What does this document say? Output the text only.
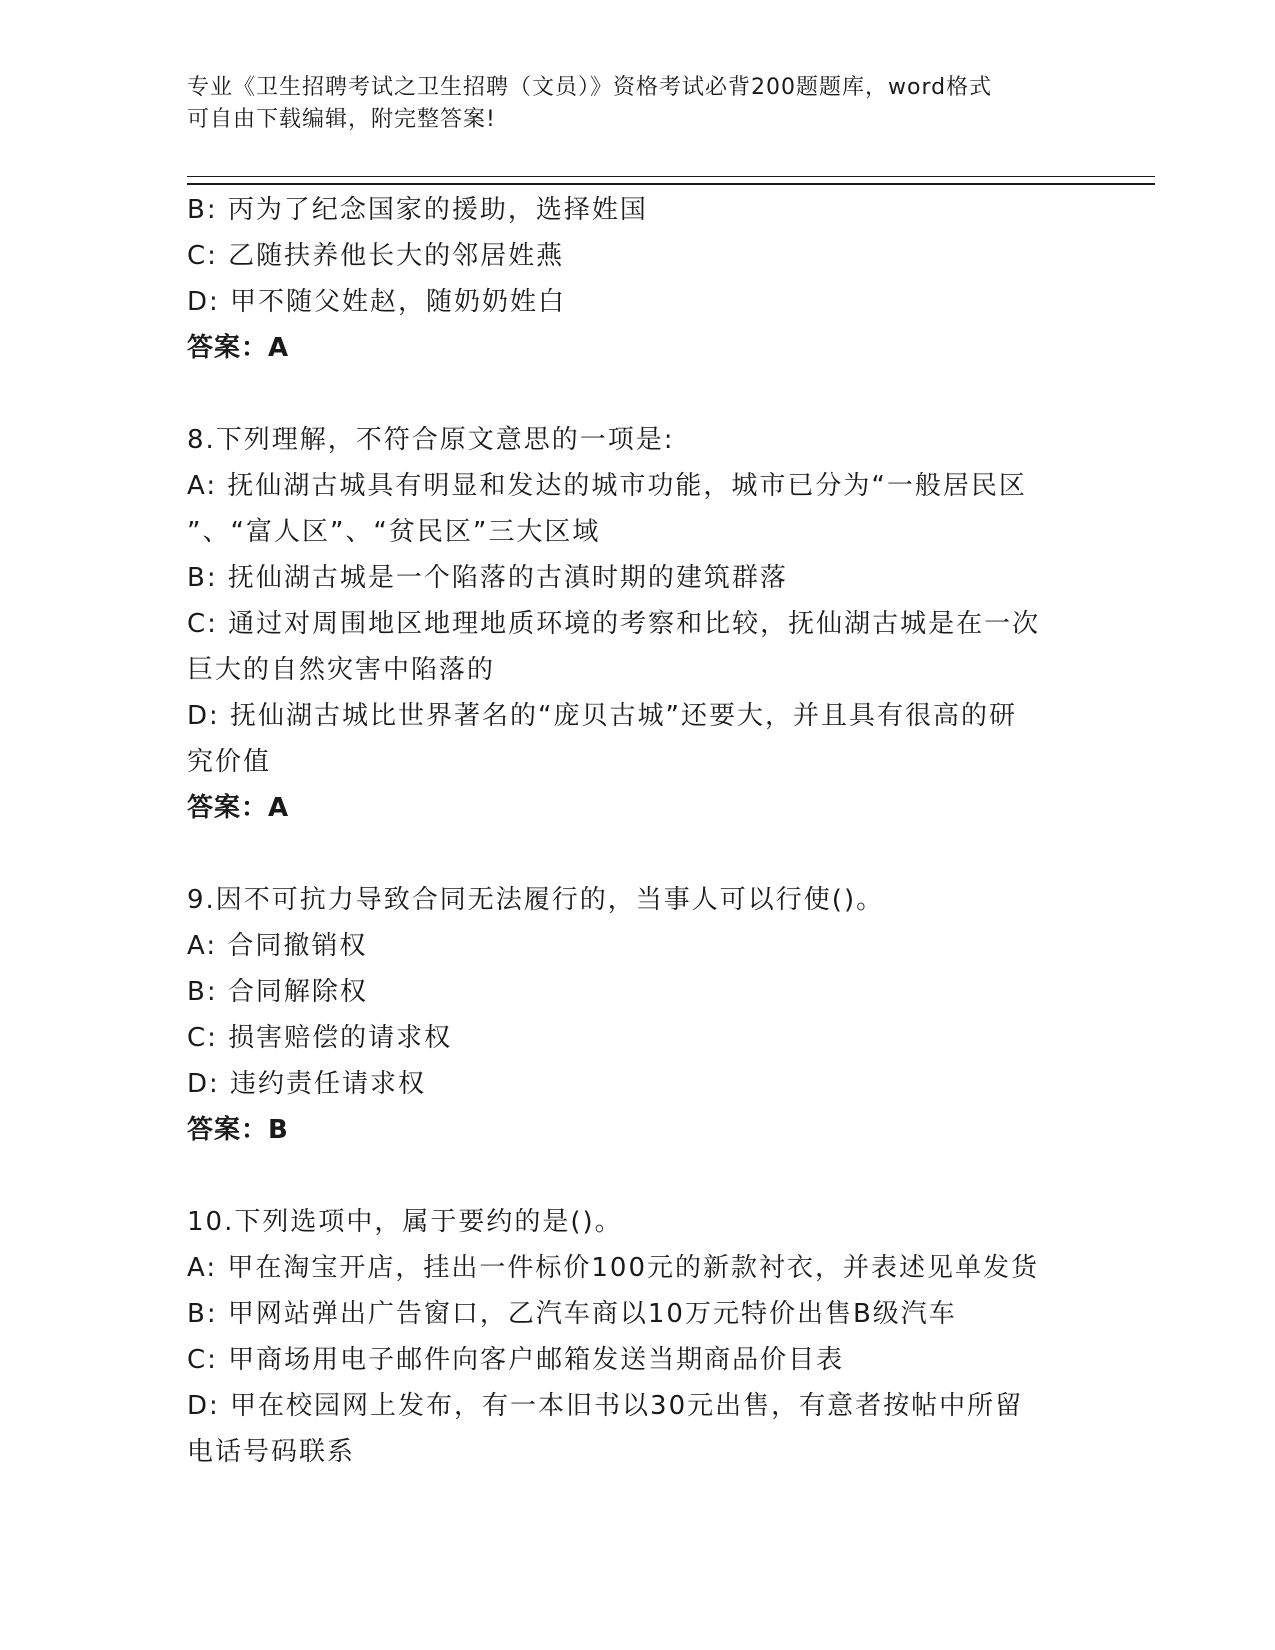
专业《卫生招聘考试之卫生招聘（文员）》资格考试必背200题题库，word格式
可自由下载编辑，附完整答案!
B: 丙为了纪念国家的援助，选择姓国
C: 乙随扶养他长大的邻居姓燕
D: 甲不随父姓赵，随奶奶姓白
答案：A
8.下列理解，不符合原文意思的一项是:
A: 抚仙湖古城具有明显和发达的城市功能，城市已分为“一般居民区
”、“富人区”、“贫民区”三大区域
B: 抚仙湖古城是一个陷落的古滇时期的建筑群落
C: 通过对周围地区地理地质环境的考察和比较，抚仙湖古城是在一次
巨大的自然灾害中陷落的
D: 抚仙湖古城比世界著名的“庞贝古城”还要大，并且具有很高的研
究价值
答案：A
9.因不可抗力导致合同无法履行的，当事人可以行使()。
A: 合同撤销权
B: 合同解除权
C: 损害赔偿的请求权
D: 违约责任请求权
答案：B
10.下列选项中，属于要约的是()。
A: 甲在淘宝开店，挂出一件标价100元的新款衬衣，并表述见单发货
B: 甲网站弹出广告窗口，乙汽车商以10万元特价出售B级汽车
C: 甲商场用电子邮件向客户邮箱发送当期商品价目表
D: 甲在校园网上发布，有一本旧书以30元出售，有意者按帖中所留
电话号码联系
